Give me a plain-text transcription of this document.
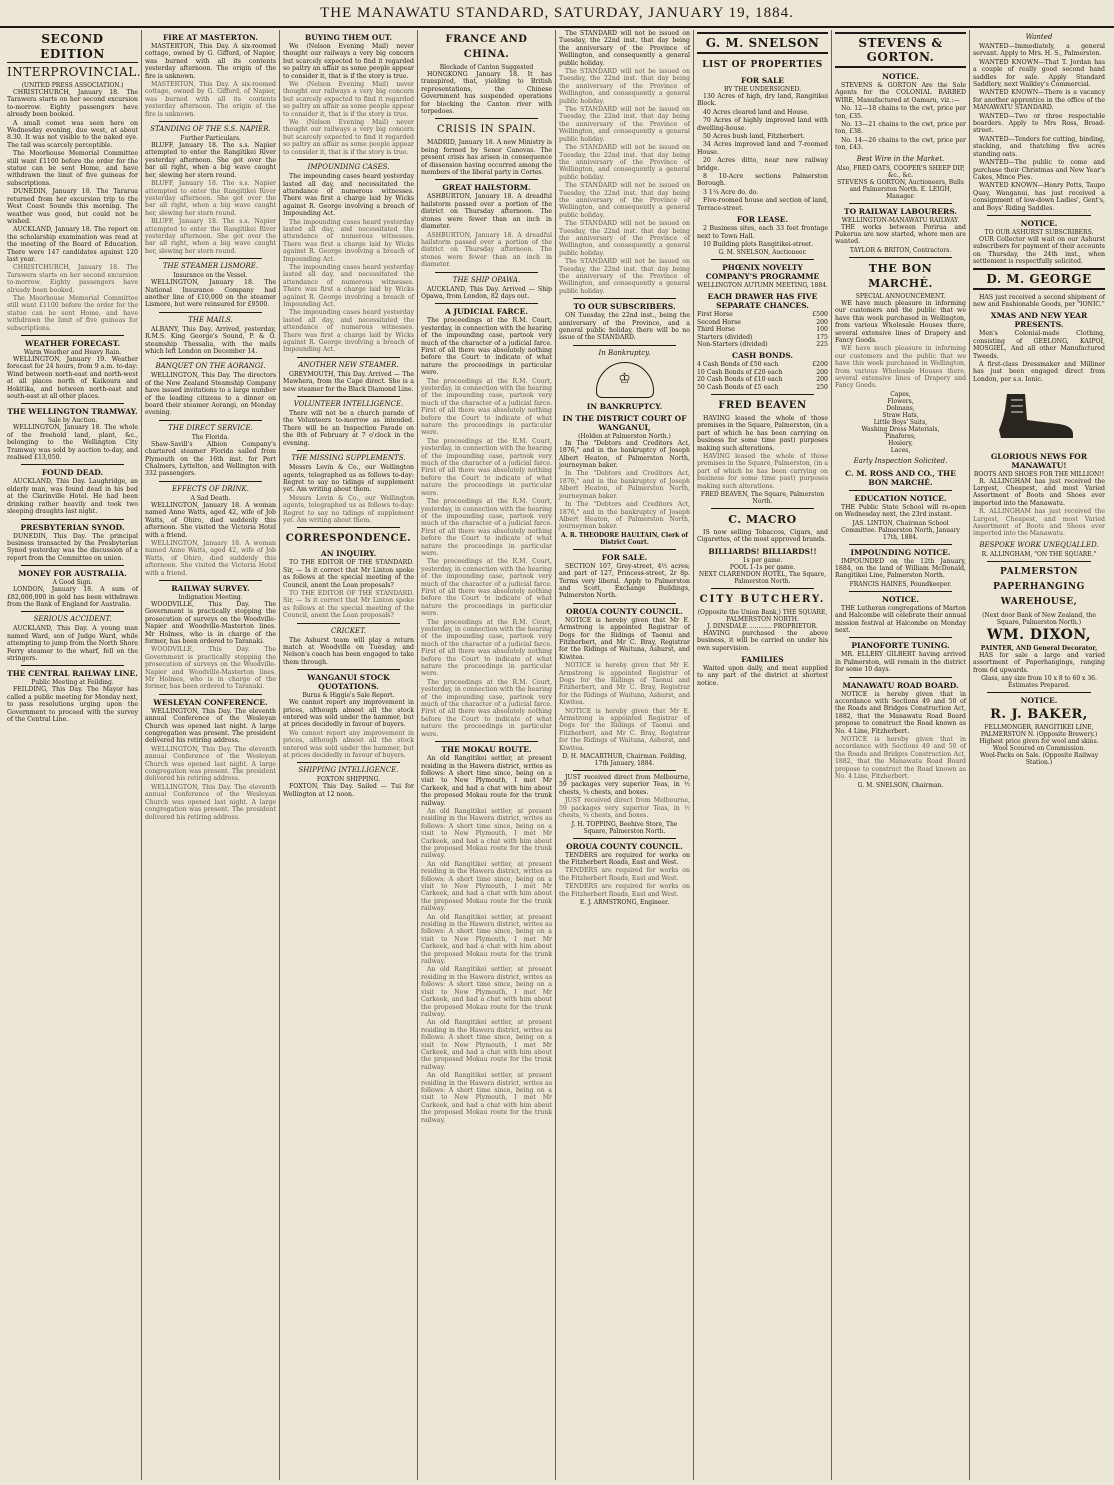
THE MANAWATU STANDARD, SATURDAY, JANUARY 19, 1884.
SECOND EDITION
INTERPROVINCIAL.
(UNITED PRESS ASSOCIATION.)

CHRISTCHURCH, January 18. The Tarawera starts on her second excursion to-morrow. Eighty passengers have already been booked.

A small comet was seen here on Wednesday evening, due west, at about 8.30. It was not visible to the naked eye. The tail was scarcely perceptible.

The Moorhouse Memorial Committee still want £1100 before the order for the statue can be sent Home, and have withdrawn the limit of five guineas for subscriptions.

DUNEDIN, January 18. The Tararua returned from her excursion trip to the West Coast Sounds this morning. The weather was good, but could not be wished.

AUCKLAND, January 18. The report on the scholarship examination was read at the meeting of the Board of Education. There were 147 candidates against 120 last year.

CHRISTCHURCH, January 18. The Tarawera starts on her second excursion to-morrow. Eighty passengers have already been booked.

The Moorhouse Memorial Committee still want £1100 before the order for the statue can be sent Home, and have withdrawn the limit of five guineas for subscriptions.

WEATHER FORECAST.
Warm Weather and Heavy Rain.

WELLINGTON, January 19. Weather forecast for 24 hours, from 9 a.m. to-day: Wind between north-east and north-west at all places north of Kaikoura and Hokitika, and between north-east and south-east at all other places.

THE WELLINGTON TRAMWAY.
Sale by Auction.

WELLINGTON, January 18. The whole of the freehold land, plant, &c., belonging to the Wellington City Tramway was sold by auction to-day, and realised £13,050.

FOUND DEAD.

AUCKLAND, This Day. Laughridge, an elderly man, was found dead in his bed at the Clarinville Hotel. He had been drinking rather heavily and took two sleeping draughts last night.

PRESBYTERIAN SYNOD.

DUNEDIN, This Day. The principal business transacted by the Presbyterian Synod yesterday was the discussion of a report from the Committee on union.

MONEY FOR AUSTRALIA.
A Good Sign.

LONDON, January 18. A sum of £82,000,000 in gold has been withdrawn from the Bank of England for Australia.

SERIOUS ACCIDENT.

AUCKLAND, This Day. A young man named Ward, son of Judge Ward, while attempting to jump from the North Shore Ferry steamer to the wharf, fell on the stringers.

THE CENTRAL RAILWAY LINE.
Public Meeting at Feilding.

FEILDING, This Day. The Mayor has called a public meeting for Monday next, to pass resolutions urging upon the Government to proceed with the survey of the Central Line.

FIRE AT MASTERTON.

MASTERTON, This Day. A six-roomed cottage, owned by G. Gifford, of Napier, was burned with all its contents yesterday afternoon. The origin of the fire is unknown.

MASTERTON, This Day. A six-roomed cottage, owned by G. Gifford, of Napier, was burned with all its contents yesterday afternoon. The origin of the fire is unknown.

STANDING OF THE S.S. NAPIER.
Further Particulars.

BLUFF, January 18. The s.s. Napier attempted to enter the Rangitikei River yesterday afternoon. She got over the bar all right, when a big wave caught her, slewing her stern round.

BLUFF, January 18. The s.s. Napier attempted to enter the Rangitikei River yesterday afternoon. She got over the bar all right, when a big wave caught her, slewing her stern round.

BLUFF, January 18. The s.s. Napier attempted to enter the Rangitikei River yesterday afternoon. She got over the bar all right, when a big wave caught her, slewing her stern round.

THE STEAMER LISMORE.
Insurance on the Vessel.

WELLINGTON, January 18. The National Insurance Company had another line of £10,000 on the steamer Lismore, but were reinsured for £9500.

THE MAILS.

ALBANY, This Day. Arrived, yesterday, R.M.S. King George's Sound, P. & O. steamship Thessalia, with the mails which left London on December 14.

BANQUET ON THE AORANGI.

WELLINGTON, This Day. The directors of the New Zealand Steamship Company have issued invitations to a large number of the leading citizens to a dinner on board their steamer Aorangi, on Monday evening.

THE DIRECT SERVICE.
The Florida.

Shaw-Savill's Albion Company's chartered steamer Florida sailed from Plymouth on the 16th inst. for Port Chalmers, Lyttelton, and Wellington with 332 passengers.

EFFECTS OF DRINK.
A Sad Death.

WELLINGTON, January 18. A woman named Anne Watts, aged 42, wife of Job Watts, of Ohiro, died suddenly this afternoon. She visited the Victoria Hotel with a friend.

WELLINGTON, January 18. A woman named Anne Watts, aged 42, wife of Job Watts, of Ohiro, died suddenly this afternoon. She visited the Victoria Hotel with a friend.

RAILWAY SURVEY.
Indignation Meeting.

WOODVILLE, This Day. The Government is practically stopping the prosecution of surveys on the Woodville-Napier and Woodville-Masterton lines. Mr Holmes, who is in charge of the former, has been ordered to Taranaki.

WOODVILLE, This Day. The Government is practically stopping the prosecution of surveys on the Woodville-Napier and Woodville-Masterton lines. Mr Holmes, who is in charge of the former, has been ordered to Taranaki.

WESLEYAN CONFERENCE.

WELLINGTON, This Day. The eleventh annual Conference of the Wesleyan Church was opened last night. A large congregation was present. The president delivered his retiring address.

WELLINGTON, This Day. The eleventh annual Conference of the Wesleyan Church was opened last night. A large congregation was present. The president delivered his retiring address.

WELLINGTON, This Day. The eleventh annual Conference of the Wesleyan Church was opened last night. A large congregation was present. The president delivered his retiring address.

BUYING THEM OUT.

We (Nelson Evening Mail) never thought our railways a very big concern but scarcely expected to find it regarded so paltry an affair as some people appear to consider it, that is if the story is true.

We (Nelson Evening Mail) never thought our railways a very big concern but scarcely expected to find it regarded so paltry an affair as some people appear to consider it, that is if the story is true.

We (Nelson Evening Mail) never thought our railways a very big concern but scarcely expected to find it regarded so paltry an affair as some people appear to consider it, that is if the story is true.

IMPOUNDING CASES.

The impounding cases heard yesterday lasted all day, and necessitated the attendance of numerous witnesses. There was first a charge laid by Wicks against R. George involving a breach of Impounding Act.

The impounding cases heard yesterday lasted all day, and necessitated the attendance of numerous witnesses. There was first a charge laid by Wicks against R. George involving a breach of Impounding Act.

The impounding cases heard yesterday lasted all day, and necessitated the attendance of numerous witnesses. There was first a charge laid by Wicks against R. George involving a breach of Impounding Act.

The impounding cases heard yesterday lasted all day, and necessitated the attendance of numerous witnesses. There was first a charge laid by Wicks against R. George involving a breach of Impounding Act.

ANOTHER NEW STEAMER.

GREYMOUTH, This Day. Arrived — The Mawhera, from the Cape direct. She is a new steamer for the Black Diamond Line.

VOLUNTEER INTELLIGENCE.

There will not be a church parade of the Volunteers to-morrow as intended. There will be an Inspection Parade on the 8th of February at 7 o'clock in the evening.

THE MISSING SUPPLEMENTS.

Messrs Levin & Co., our Wellington agents, telegraphed us as follows to-day: Regret to say no tidings of supplement yet. Am writing about them.

Messrs Levin & Co., our Wellington agents, telegraphed us as follows to-day: Regret to say no tidings of supplement yet. Am writing about them.

CORRESPONDENCE.
AN INQUIRY.

TO THE EDITOR OF THE STANDARD. Sir, — Is it correct that Mr Linton spoke as follows at the special meeting of the Council, anent the Loan proposals?

TO THE EDITOR OF THE STANDARD. Sir, — Is it correct that Mr Linton spoke as follows at the special meeting of the Council, anent the Loan proposals?

CRICKET.

The Ashurst team will play a return match at Woodville on Tuesday, and Nelson's coach has been engaged to take them through.

WANGANUI STOCK QUOTATIONS.
Burns & Higgie's Sale Report.

We cannot report any improvement in prices, although almost all the stock entered was sold under the hammer, but at prices decidedly in favour of buyers.

We cannot report any improvement in prices, although almost all the stock entered was sold under the hammer, but at prices decidedly in favour of buyers.

SHIPPING INTELLIGENCE.
FOXTON SHIPPING.

FOXTON, This Day. Sailed — Tui for Wellington at 12 noon.

FRANCE AND CHINA.
Blockade of Canton Suggested

HONGKONG January 18. It has transpired, that, yielding to British representations, the Chinese Government has suspended operations for blocking the Canton river with torpedoes.

CRISIS IN SPAIN.

MADRID, January 18. A new Ministry is being formed by Senor Canovas. The present crisis has arisen in consequence of dissension having occurred among the members of the liberal party in Cortes.

GREAT HAILSTORM.

ASHBURTON, January 18. A dreadful hailstorm passed over a portion of the district on Thursday afternoon. The stones were fewer than an inch in diameter.

ASHBURTON, January 18. A dreadful hailstorm passed over a portion of the district on Thursday afternoon. The stones were fewer than an inch in diameter.

THE SHIP OPAWA.

AUCKLAND, This Day. Arrived — Ship Opawa, from London, 82 days out.

A JUDICIAL FARCE.

The proceedings at the R.M. Court, yesterday, in connection with the hearing of the impounding case, partook very much of the character of a judicial farce. First of all there was absolutely nothing before the Court to indicate of what nature the proceedings in particular were.

The proceedings at the R.M. Court, yesterday, in connection with the hearing of the impounding case, partook very much of the character of a judicial farce. First of all there was absolutely nothing before the Court to indicate of what nature the proceedings in particular were.

The proceedings at the R.M. Court, yesterday, in connection with the hearing of the impounding case, partook very much of the character of a judicial farce. First of all there was absolutely nothing before the Court to indicate of what nature the proceedings in particular were.

The proceedings at the R.M. Court, yesterday, in connection with the hearing of the impounding case, partook very much of the character of a judicial farce. First of all there was absolutely nothing before the Court to indicate of what nature the proceedings in particular were.

The proceedings at the R.M. Court, yesterday, in connection with the hearing of the impounding case, partook very much of the character of a judicial farce. First of all there was absolutely nothing before the Court to indicate of what nature the proceedings in particular were.

The proceedings at the R.M. Court, yesterday, in connection with the hearing of the impounding case, partook very much of the character of a judicial farce. First of all there was absolutely nothing before the Court to indicate of what nature the proceedings in particular were.

The proceedings at the R.M. Court, yesterday, in connection with the hearing of the impounding case, partook very much of the character of a judicial farce. First of all there was absolutely nothing before the Court to indicate of what nature the proceedings in particular were.

THE MOKAU ROUTE.

An old Rangitikei settler, at present residing in the Hawera district, writes as follows: A short time since, being on a visit to New Plymouth, I met Mr Carkeek, and had a chat with him about the proposed Mokau route for the trunk railway.

An old Rangitikei settler, at present residing in the Hawera district, writes as follows: A short time since, being on a visit to New Plymouth, I met Mr Carkeek, and had a chat with him about the proposed Mokau route for the trunk railway.

An old Rangitikei settler, at present residing in the Hawera district, writes as follows: A short time since, being on a visit to New Plymouth, I met Mr Carkeek, and had a chat with him about the proposed Mokau route for the trunk railway.

An old Rangitikei settler, at present residing in the Hawera district, writes as follows: A short time since, being on a visit to New Plymouth, I met Mr Carkeek, and had a chat with him about the proposed Mokau route for the trunk railway.

An old Rangitikei settler, at present residing in the Hawera district, writes as follows: A short time since, being on a visit to New Plymouth, I met Mr Carkeek, and had a chat with him about the proposed Mokau route for the trunk railway.

An old Rangitikei settler, at present residing in the Hawera district, writes as follows: A short time since, being on a visit to New Plymouth, I met Mr Carkeek, and had a chat with him about the proposed Mokau route for the trunk railway.

An old Rangitikei settler, at present residing in the Hawera district, writes as follows: A short time since, being on a visit to New Plymouth, I met Mr Carkeek, and had a chat with him about the proposed Mokau route for the trunk railway.

The STANDARD will not be issued on Tuesday, the 22nd inst. that day being the anniversary of the Province of Wellington, and consequently a general public holiday.

The STANDARD will not be issued on Tuesday, the 22nd inst. that day being the anniversary of the Province of Wellington, and consequently a general public holiday.

The STANDARD will not be issued on Tuesday, the 22nd inst. that day being the anniversary of the Province of Wellington, and consequently a general public holiday.

The STANDARD will not be issued on Tuesday, the 22nd inst. that day being the anniversary of the Province of Wellington, and consequently a general public holiday.

The STANDARD will not be issued on Tuesday, the 22nd inst. that day being the anniversary of the Province of Wellington, and consequently a general public holiday.

The STANDARD will not be issued on Tuesday, the 22nd inst. that day being the anniversary of the Province of Wellington, and consequently a general public holiday.

The STANDARD will not be issued on Tuesday, the 22nd inst. that day being the anniversary of the Province of Wellington, and consequently a general public holiday.

TO OUR SUBSCRIBERS.

ON Tuesday, the 22nd inst., being the anniversary of the Province, and a general public holiday, there will be no issue of the STANDARD.

In Bankruptcy.
♔
IN BANKRUPTCY.
IN THE DISTRICT COURT OF WANGANUI,
(Holden at Palmerston North.)

In The "Debtors and Creditors Act, 1876," and in the bankruptcy of Joseph Albert Heaton, of Palmerston North, journeyman baker.

In The "Debtors and Creditors Act, 1876," and in the bankruptcy of Joseph Albert Heaton, of Palmerston North, journeyman baker.

In The "Debtors and Creditors Act, 1876," and in the bankruptcy of Joseph Albert Heaton, of Palmerston North, journeyman baker.

A. R. THEODORE HAULTAIN, Clerk of District Court.
FOR SALE.

SECTION 107, Grey-street, 4½ acres; and part of 127, Princess-street, 2r 8p. Terms very liberal. Apply to Palmerston and Scott, Exchange Buildings, Palmerston North.

OROUA COUNTY COUNCIL.

NOTICE is hereby given that Mr E. Armstrong is appointed Registrar of Dogs for the Ridings of Taonui and Fitzherbert, and Mr C. Bray, Registrar for the Ridings of Waituna, Ashurst, and Kiwitea.

NOTICE is hereby given that Mr E. Armstrong is appointed Registrar of Dogs for the Ridings of Taonui and Fitzherbert, and Mr C. Bray, Registrar for the Ridings of Waituna, Ashurst, and Kiwitea.

NOTICE is hereby given that Mr E. Armstrong is appointed Registrar of Dogs for the Ridings of Taonui and Fitzherbert, and Mr C. Bray, Registrar for the Ridings of Waituna, Ashurst, and Kiwitea.

D. H. MACARTHUR, Chairman. Feilding, 17th January, 1884.

JUST received direct from Melbourne, 59 packages very superior Teas, in ½ chests, ¼ chests, and boxes.

JUST received direct from Melbourne, 59 packages very superior Teas, in ½ chests, ¼ chests, and boxes.

J. H. TOPPING, Beehive Store, The Square, Palmerston North.
OROUA COUNTY COUNCIL.

TENDERS are required for works on the Fitzherbert Roads, East and West.

TENDERS are required for works on the Fitzherbert Roads, East and West.

TENDERS are required for works on the Fitzherbert Roads, East and West.

E. J. ARMSTRONG, Engineer.
G. M. SNELSON
LIST OF PROPERTIES
FOR SALE
BY THE UNDERSIGNED.

130 Acres of high, dry land, Rangitikei Block.

40 Acres cleared land and House.

70 Acres of highly improved land with dwelling-house.

50 Acres bush land, Fitzherbert.

34 Acres improved land and 7-roomed House.

20 Acres ditto, near new railway bridge.

8 10-Acre sections Palmerston Borough.

3 1¼ Acre do. do.

Five-roomed house and section of land, Terrace-street.

FOR LEASE.

2 Business sites, each 33 feet frontage next to Town Hall.

10 Building plots Rangitikei-street.

G. M. SNELSON, Auctioneer.
PHŒNIX NOVELTY COMPANY'S PROGRAMME
WELLINGTON AUTUMN MEETING, 1884.
EACH DRAWER HAS FIVE SEPARATE CHANCES.
First Horse	£500
Second Horse	200
Third Horse	100
Starters (divided)	175
Non-Starters (divided)	225
CASH BONDS.
4 Cash Bonds of £50 each	£200
10 Cash Bonds of £20 each	200
20 Cash Bonds of £10 each	200
50 Cash Bonds of £5 each	250
FRED BEAVEN

HAVING leased the whole of those premises in the Square, Palmerston, (in a part of which he has been carrying on business for some time past) purposes making such alterations.

HAVING leased the whole of those premises in the Square, Palmerston, (in a part of which he has been carrying on business for some time past) purposes making such alterations.

FRED BEAVEN, The Square, Palmerston North.
C. MACRO

IS now selling Tobaccos, Cigars, and Cigarettes, of the most approved brands.

BILLIARDS! BILLIARDS!!
1s per game.
POOL 1-1s per game.
NEXT CLARENDON HOTEL, The Square, Palmerston North.
CITY BUTCHERY.
(Opposite the Union Bank,) THE SQUARE, PALMERSTON NORTH.
J. DINSDALE ............ PROPRIETOR.

HAVING purchased the above business, it will be carried on under his own supervision.

FAMILIES

Waited upon daily, and meat supplied to any part of the district at shortest notice.

STEVENS & GORTON.
NOTICE.

STEVENS & GORTON Are the Sole Agents for the COLONIAL BARBED WIRE, Manufactured at Oamaru, viz.:—

No. 12—18 chains to the cwt, price per ton, £35.

No. 13—21 chains to the cwt, price per ton, £38.

No. 14—26 chains to the cwt, price per ton, £43.

Best Wire in the Market.
Also, FRED OATS, COOPER'S SHEEP DIP, &c., &c.
STEVENS & GORTON, Auctioneers, Bulls and Palmerston North. E. LEIGH, Manager.
TO RAILWAY LABOURERS.
WELLINGTON-MANAWATU RAILWAY.

THE works between Porirua and Pukerua are now started, where men are wanted.

TAYLOR & BRITON, Contractors.
THE BON MARCHÉ.
SPECIAL ANNOUNCEMENT.

WE have much pleasure in informing our customers and the public that we have this week purchased in Wellington, from various Wholesale Houses there, several extensive lines of Drapery and Fancy Goods.

WE have much pleasure in informing our customers and the public that we have this week purchased in Wellington, from various Wholesale Houses there, several extensive lines of Drapery and Fancy Goods.

Capes,
Flowers,
Dolmans,
Straw Hats,
Little Boys' Suits,
Washing Dress Materials,
Pinafores,
Hosiery,
Laces,
Early Inspection Solicited.
C. M. ROSS AND CO., THE BON MARCHÉ.
EDUCATION NOTICE.

THE Public State School will re-open on Wednesday next, the 23rd instant.

JAS. LINTON, Chairman School Committee. Palmerston North, January 17th, 1884.
IMPOUNDING NOTICE.

IMPOUNDED on the 12th January, 1884, on the land of William McDonald, Rangitikei Line, Palmerston North.

FRANCIS HAINES, Poundkeeper.
NOTICE.

THE Lutheran congregations of Marton and Halcombe will celebrate their annual mission festival at Halcombe on Monday next.

PIANOFORTE TUNING.

MR. ELLERY GILBERT having arrived in Palmerston, will remain in the district for some 10 days.

MANAWATU ROAD BOARD.

NOTICE is hereby given that in accordance with Sections 49 and 50 of the Roads and Bridges Construction Act, 1882, that the Manawatu Road Board propose to construct the Road known as No. 4 Line, Fitzherbert.

NOTICE is hereby given that in accordance with Sections 49 and 50 of the Roads and Bridges Construction Act, 1882, that the Manawatu Road Board propose to construct the Road known as No. 4 Line, Fitzherbert.

G. M. SNELSON, Chairman.
Wanted

WANTED—Immediately, a general servant. Apply to Mrs. H. S., Palmerston.

WANTED KNOWN—That T. Jordan has a couple of really good second hand saddles for sale. Apply Standard Saddlery, next Walkley's Commercial.

WANTED KNOWN—There is a vacancy for another apprentice in the office of the MANAWATU STANDARD.

WANTED—Two or three respectable boarders. Apply to Mrs Ross, Broad-street.

WANTED—Tenders for cutting, binding, stacking, and thatching five acres standing oats.

WANTED—The public to come and purchase their Christmas and New Year's Cakes, Mince Pies.

WANTED KNOWN—Henry Potts, Taupo Quay, Wanganui, has just received a consignment of low-down Ladies', Gent's, and Boys' Riding Saddles.

NOTICE.
TO OUR ASHURST SUBSCRIBERS.

OUR Collector will wait on our Ashurst subscribers for payment of their accounts on Thursday, the 24th inst., when settlement is respectfully solicited.

D. M. GEORGE

HAS just received a second shipment of new and Fashionable Goods, per "IONIC."

XMAS AND NEW YEAR PRESENTS.

Men's Colonial-made Clothing, consisting of GEELONG, KAIPOI, MOSGIEL, And all other Manufactured Tweeds.

A first-class Dressmaker and Milliner has just been engaged direct from London, per s.s. Ionic.

GLORIOUS NEWS FOR MANAWATU!
BOOTS AND SHOES FOR THE MILLION!!

R. ALLINGHAM has just received the Largest, Cheapest, and most Varied Assortment of Boots and Shoes ever imported into the Manawatu.

R. ALLINGHAM has just received the Largest, Cheapest, and most Varied Assortment of Boots and Shoes ever imported into the Manawatu.

BESPOKE WORK UNEQUALLED.
R. ALLINGHAM, "ON THE SQUARE."
PALMERSTON PAPERHANGING WAREHOUSE,
(Next door Bank of New Zealand, the Square, Palmerston North.)
WM. DIXON,
PAINTER, AND General Decorator,

HAS for sale a large and varied assortment of Paperhangings, ranging from 6d upwards.

Glass, any size from 10 x 8 to 60 x 36.
Estimates Prepared.
NOTICE.
R. J. BAKER,
FELLMONGER, RANGITIKEI LINE, PALMERSTON N. (Opposite Brewery.)
Highest price given for wool and skins.
Wool Scoured on Commission.
Wool-Packs on Sale. (Opposite Railway Station.)
